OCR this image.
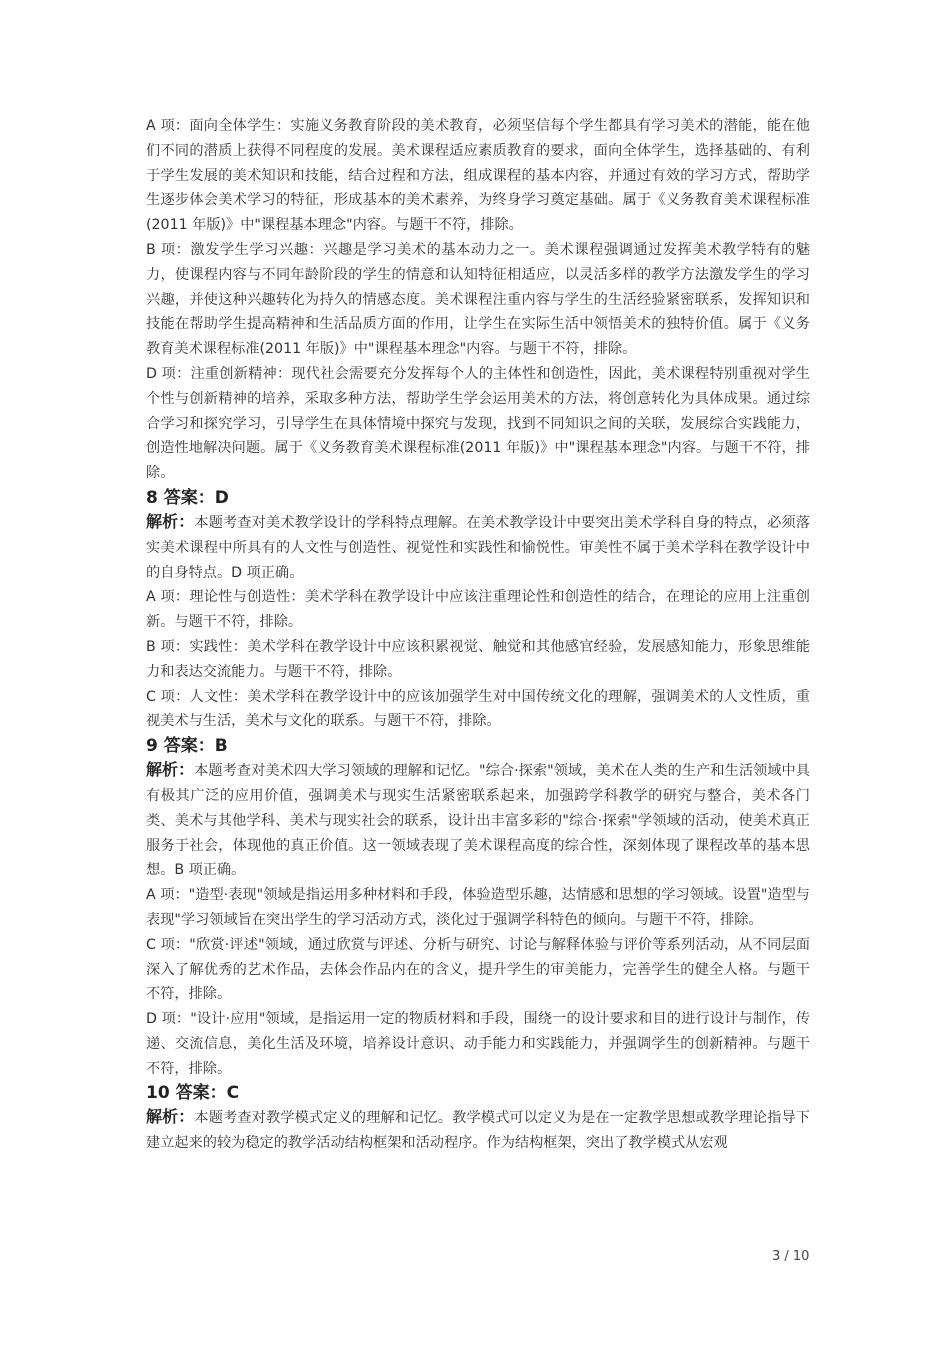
A 项：面向全体学生：实施义务教育阶段的美术教育，必须坚信每个学生都具有学习美术的潜能，能在他们不同的潜质上获得不同程度的发展。美术课程适应素质教育的要求，面向全体学生，选择基础的、有利于学生发展的美术知识和技能，结合过程和方法，组成课程的基本内容，并通过有效的学习方式，帮助学生逐步体会美术学习的特征，形成基本的美术素养，为终身学习奠定基础。属于《义务教育美术课程标准(2011 年版)》中"课程基本理念"内容。与题干不符，排除。

B 项：激发学生学习兴趣：兴趣是学习美术的基本动力之一。美术课程强调通过发挥美术教学特有的魅力，使课程内容与不同年龄阶段的学生的情意和认知特征相适应，以灵活多样的教学方法激发学生的学习兴趣，并使这种兴趣转化为持久的情感态度。美术课程注重内容与学生的生活经验紧密联系，发挥知识和技能在帮助学生提高精神和生活品质方面的作用，让学生在实际生活中领悟美术的独特价值。属于《义务教育美术课程标准(2011 年版)》中"课程基本理念"内容。与题干不符，排除。

D 项：注重创新精神：现代社会需要充分发挥每个人的主体性和创造性，因此，美术课程特别重视对学生个性与创新精神的培养，采取多种方法，帮助学生学会运用美术的方法，将创意转化为具体成果。通过综合学习和探究学习，引导学生在具体情境中探究与发现，找到不同知识之间的关联，发展综合实践能力，创造性地解决问题。属于《义务教育美术课程标准(2011 年版)》中"课程基本理念"内容。与题干不符，排除。

8 答案：D

解析：本题考查对美术教学设计的学科特点理解。在美术教学设计中要突出美术学科自身的特点，必须落实美术课程中所具有的人文性与创造性、视觉性和实践性和愉悦性。审美性不属于美术学科在教学设计中的自身特点。D 项正确。

A 项：理论性与创造性：美术学科在教学设计中应该注重理论性和创造性的结合，在理论的应用上注重创新。与题干不符，排除。

B 项：实践性：美术学科在教学设计中应该积累视觉、触觉和其他感官经验，发展感知能力，形象思维能力和表达交流能力。与题干不符，排除。

C 项：人文性：美术学科在教学设计中的应该加强学生对中国传统文化的理解，强调美术的人文性质，重视美术与生活，美术与文化的联系。与题干不符，排除。

9 答案：B

解析：本题考查对美术四大学习领域的理解和记忆。"综合·探索"领域，美术在人类的生产和生活领域中具有极其广泛的应用价值，强调美术与现实生活紧密联系起来，加强跨学科教学的研究与整合，美术各门类、美术与其他学科、美术与现实社会的联系，设计出丰富多彩的"综合·探索"学领域的活动，使美术真正服务于社会，体现他的真正价值。这一领域表现了美术课程高度的综合性，深刻体现了课程改革的基本思想。B 项正确。

A 项："造型·表现"领域是指运用多种材料和手段，体验造型乐趣，达情感和思想的学习领域。设置"造型与表现"学习领域旨在突出学生的学习活动方式，淡化过于强调学科特色的倾向。与题干不符，排除。

C 项："欣赏·评述"领域，通过欣赏与评述、分析与研究、讨论与解释体验与评价等系列活动，从不同层面深入了解优秀的艺术作品，去体会作品内在的含义，提升学生的审美能力，完善学生的健全人格。与题干不符，排除。

D 项："设计·应用"领域，是指运用一定的物质材料和手段，围绕一的设计要求和目的进行设计与制作，传递、交流信息，美化生活及环境，培养设计意识、动手能力和实践能力，并强调学生的创新精神。与题干不符，排除。

10 答案：C

解析：本题考查对教学模式定义的理解和记忆。教学模式可以定义为是在一定教学思想或教学理论指导下建立起来的较为稳定的教学活动结构框架和活动程序。作为结构框架，突出了教学模式从宏观

3 / 10
